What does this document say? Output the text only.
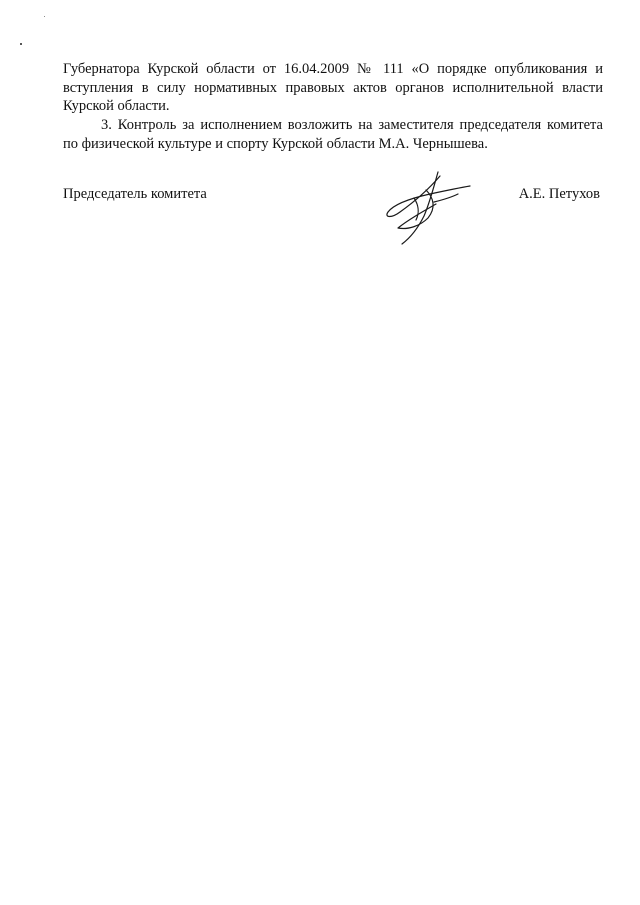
Губернатора Курской области от 16.04.2009 № 111 «О порядке опубликования и вступления в силу нормативных правовых актов органов исполнительной власти Курской области.

3. Контроль за исполнением возложить на заместителя председателя комитета по физической культуре и спорту Курской области М.А. Чернышева.

Председатель комитета	А.Е. Петухов
